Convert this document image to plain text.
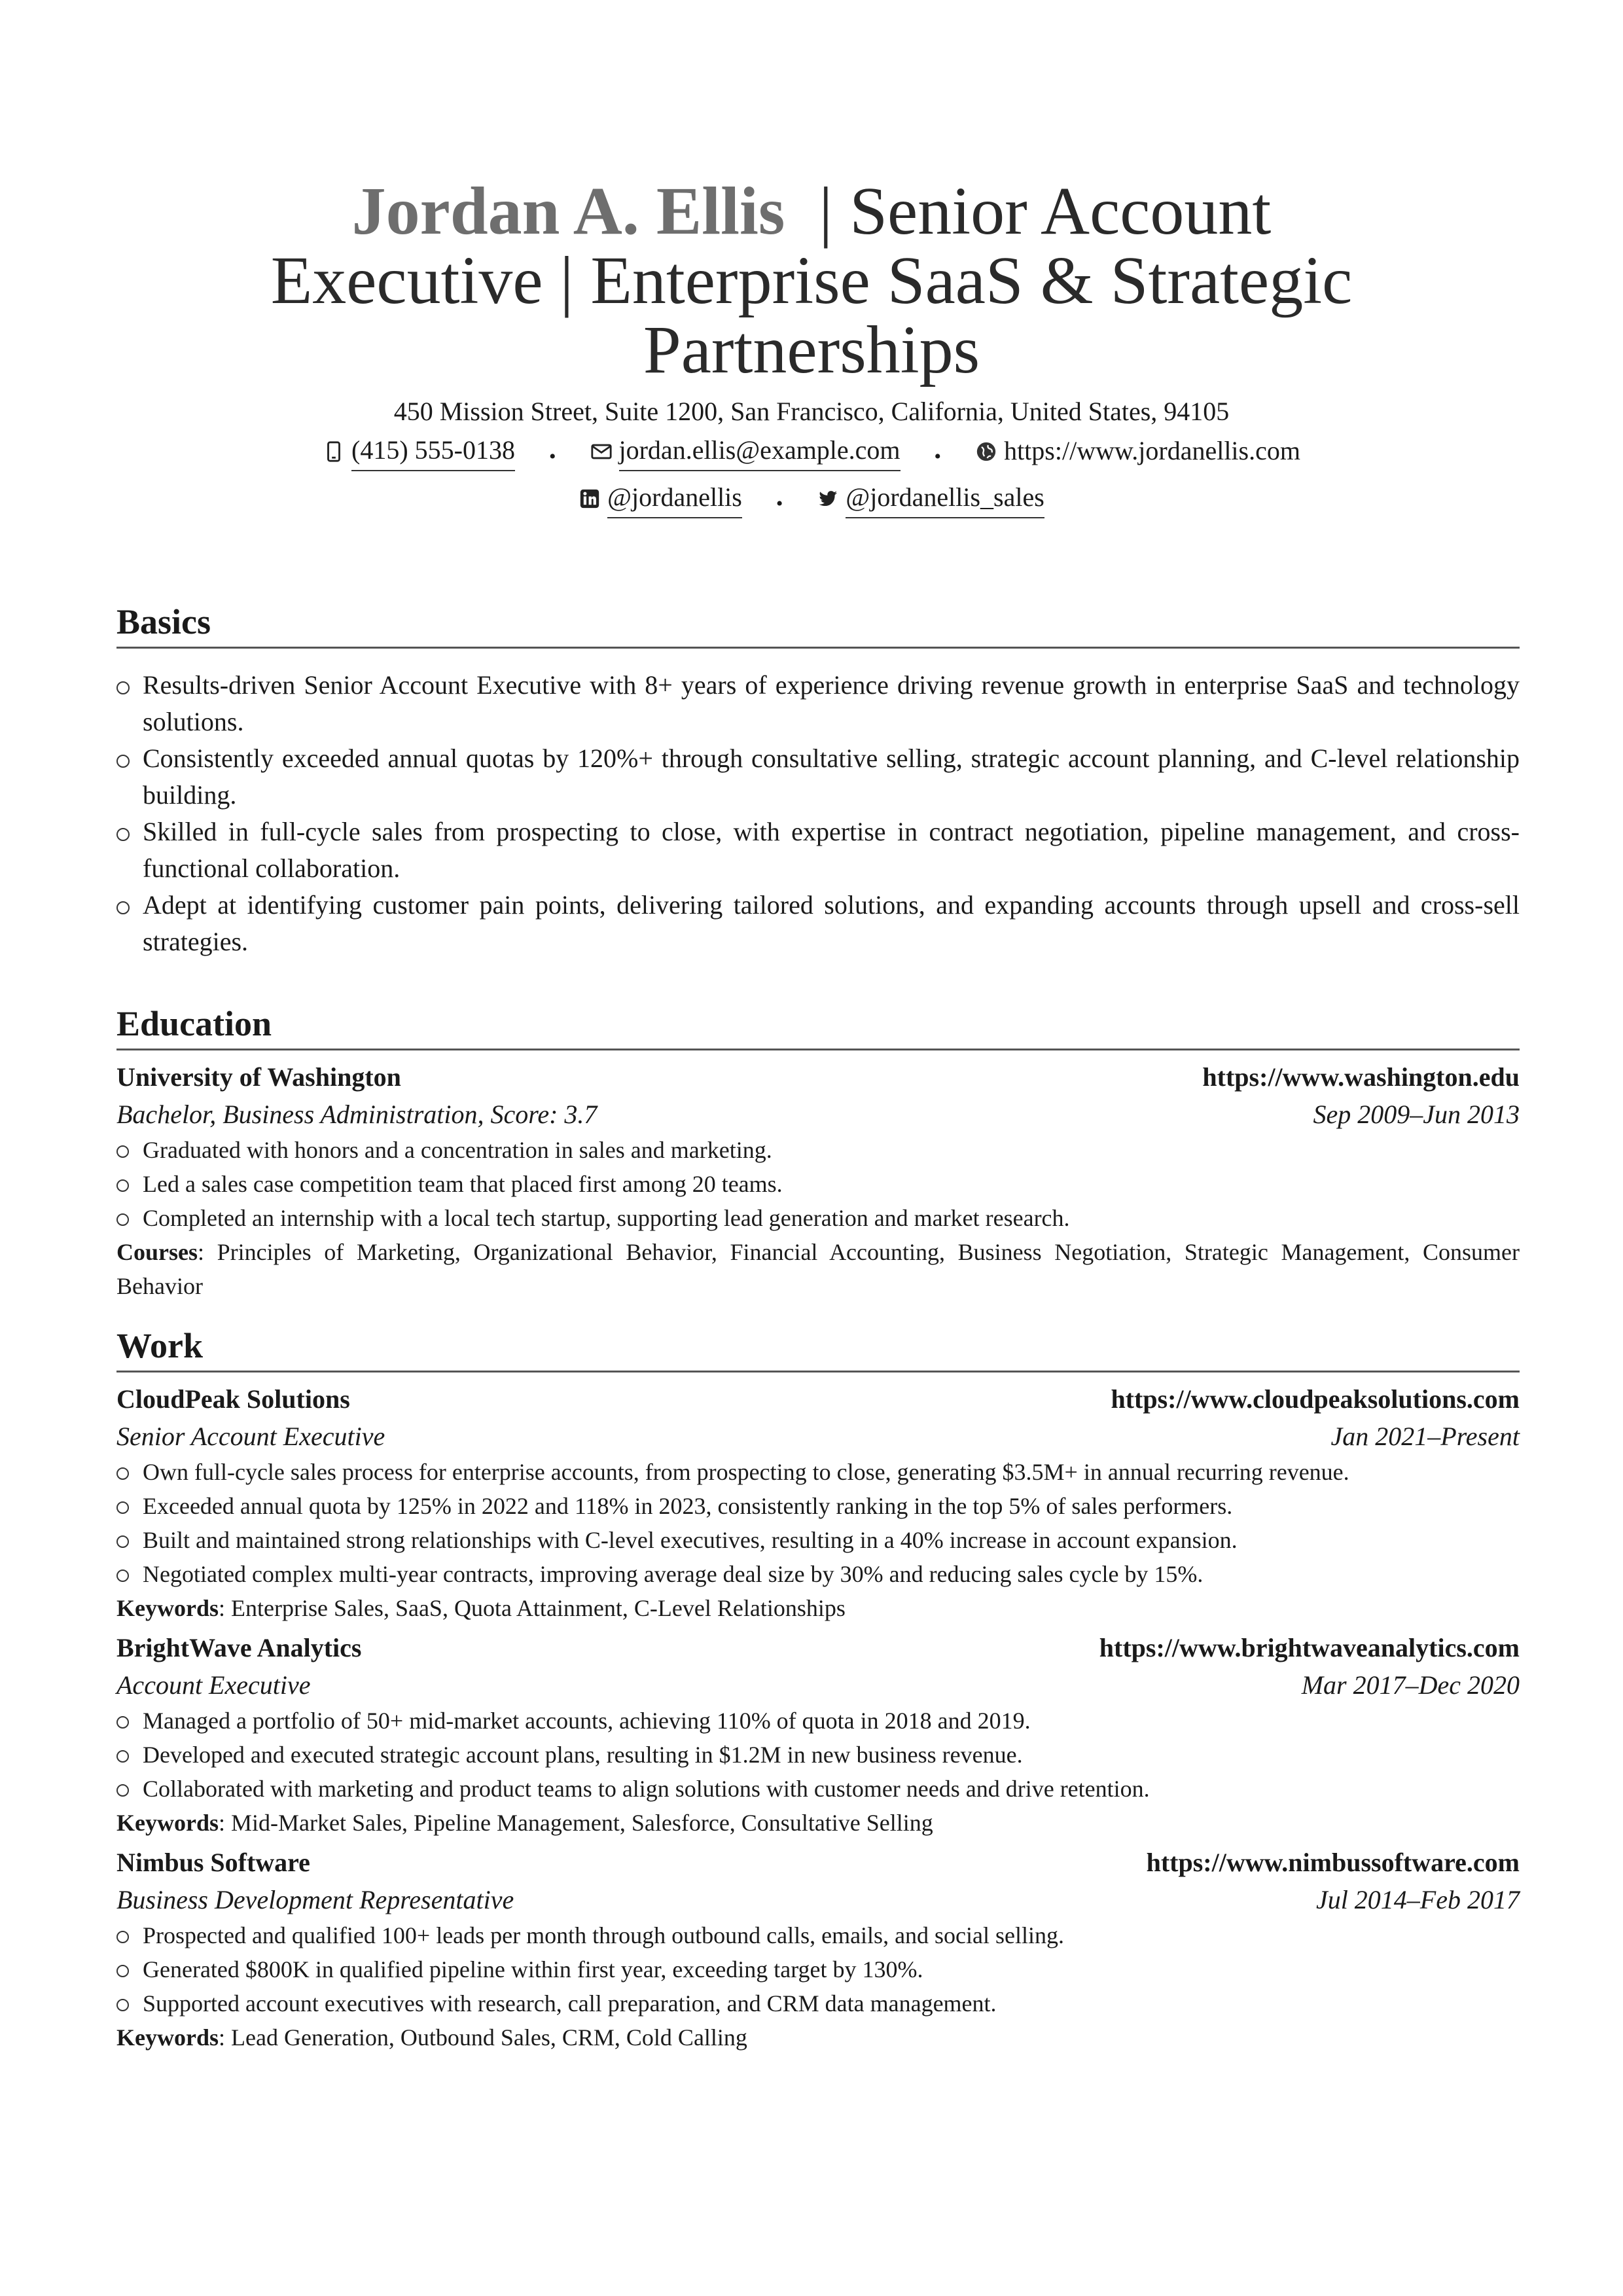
Jordan A. Ellis | Senior Account Executive | Enterprise SaaS & Strategic Partnerships
450 Mission Street, Suite 1200, San Francisco, California, United States, 94105
(415) 555-0138 • jordan.ellis@example.com • https://www.jordanellis.com
@jordanellis • @jordanellis_sales
Basics
Results-driven Senior Account Executive with 8+ years of experience driving revenue growth in enterprise SaaS and technology solutions.
Consistently exceeded annual quotas by 120%+ through consultative selling, strategic account planning, and C-level relationship building.
Skilled in full-cycle sales from prospecting to close, with expertise in contract negotiation, pipeline management, and cross-functional collaboration.
Adept at identifying customer pain points, delivering tailored solutions, and expanding accounts through upsell and cross-sell strategies.
Education
University of Washington	https://www.washington.edu
Bachelor, Business Administration, Score: 3.7	Sep 2009–Jun 2013
Graduated with honors and a concentration in sales and marketing.
Led a sales case competition team that placed first among 20 teams.
Completed an internship with a local tech startup, supporting lead generation and market research.
Courses: Principles of Marketing, Organizational Behavior, Financial Accounting, Business Negotiation, Strategic Management, Consumer Behavior
Work
CloudPeak Solutions	https://www.cloudpeaksolutions.com
Senior Account Executive	Jan 2021–Present
Own full-cycle sales process for enterprise accounts, from prospecting to close, generating $3.5M+ in annual recurring revenue.
Exceeded annual quota by 125% in 2022 and 118% in 2023, consistently ranking in the top 5% of sales performers.
Built and maintained strong relationships with C-level executives, resulting in a 40% increase in account expansion.
Negotiated complex multi-year contracts, improving average deal size by 30% and reducing sales cycle by 15%.
Keywords: Enterprise Sales, SaaS, Quota Attainment, C-Level Relationships
BrightWave Analytics	https://www.brightwaveanalytics.com
Account Executive	Mar 2017–Dec 2020
Managed a portfolio of 50+ mid-market accounts, achieving 110% of quota in 2018 and 2019.
Developed and executed strategic account plans, resulting in $1.2M in new business revenue.
Collaborated with marketing and product teams to align solutions with customer needs and drive retention.
Keywords: Mid-Market Sales, Pipeline Management, Salesforce, Consultative Selling
Nimbus Software	https://www.nimbussoftware.com
Business Development Representative	Jul 2014–Feb 2017
Prospected and qualified 100+ leads per month through outbound calls, emails, and social selling.
Generated $800K in qualified pipeline within first year, exceeding target by 130%.
Supported account executives with research, call preparation, and CRM data management.
Keywords: Lead Generation, Outbound Sales, CRM, Cold Calling
